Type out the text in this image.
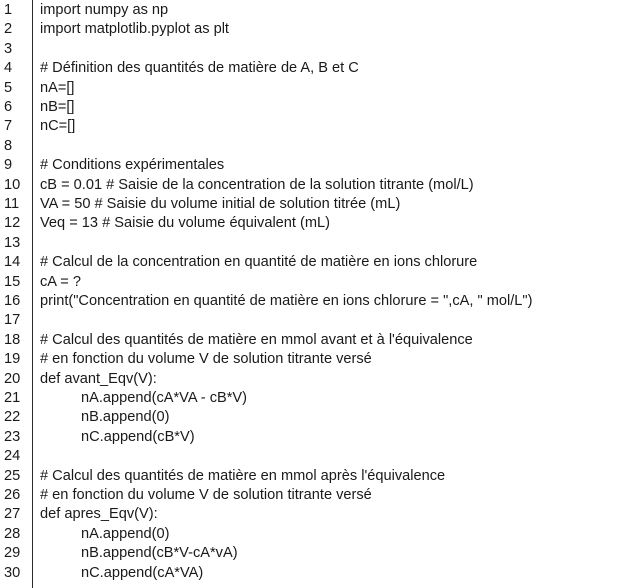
1	import numpy as np
2	import matplotlib.pyplot as plt
3
4	# Définition des quantités de matière de A, B et C
5	nA=[]
6	nB=[]
7	nC=[]
8
9	# Conditions expérimentales
10	cB = 0.01 # Saisie de la concentration de la solution titrante (mol/L)
11	VA = 50 # Saisie du volume initial de solution titrée (mL)
12	Veq = 13 # Saisie du volume équivalent (mL)
13
14	# Calcul de la concentration en quantité de matière en ions chlorure
15	cA = ?
16	print("Concentration en quantité de matière en ions chlorure = ",cA, " mol/L")
17
18	# Calcul des quantités de matière en mmol avant et à l'équivalence
19	# en fonction du volume V de solution titrante versé
20	def avant_Eqv(V):
21	nA.append(cA*VA - cB*V)
22	nB.append(0)
23	nC.append(cB*V)
24
25	# Calcul des quantités de matière en mmol après l'équivalence
26	# en fonction du volume V de solution titrante versé
27	def apres_Eqv(V):
28	nA.append(0)
29	nB.append(cB*V-cA*vA)
30	nC.append(cA*VA)
